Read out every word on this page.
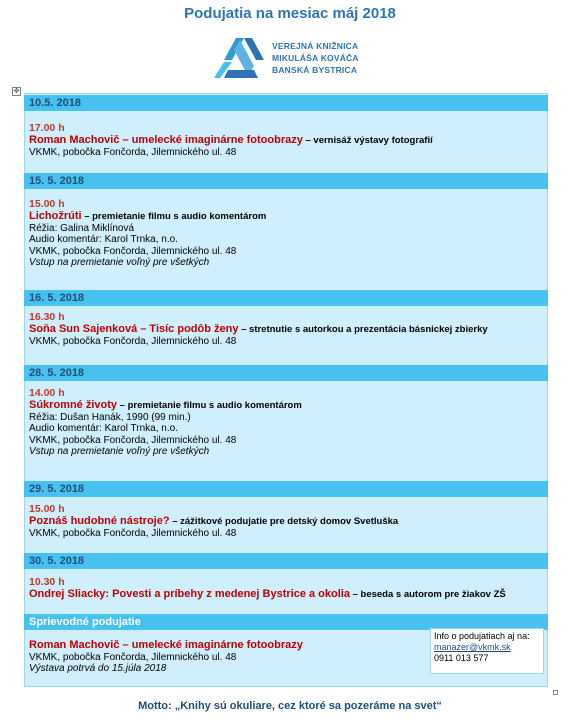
Podujatia na mesiac máj 2018
VEREJNÁ KNIŽNICA
MIKULÁŠA KOVÁČA
BANSKÁ BYSTRICA
✥
10.5. 2018
15. 5. 2018
16. 5. 2018
28. 5. 2018
29. 5. 2018
30. 5. 2018
Sprievodné podujatie
17.00 h
Roman Machovič – umelecké imaginárne fotoobrazy – vernisáž výstavy fotografií
VKMK, pobočka Fončorda, Jilemnického ul. 48
15.00 h
Lichožrúti – premietanie filmu s audio komentárom
Réžia: Galina Miklínová
Audio komentár: Karol Trnka, n.o.
VKMK, pobočka Fončorda, Jilemnického ul. 48
Vstup na premietanie voľný pre všetkých
16.30 h
Soňa Sun Sajenková – Tisíc podôb ženy – stretnutie s autorkou a prezentácia básnickej zbierky
VKMK, pobočka Fončorda, Jilemnického ul. 48
14.00 h
Súkromné životy – premietanie filmu s audio komentárom
Réžia: Dušan Hanák, 1990 (99 min.)
Audio komentár: Karol Trnka, n.o.
VKMK, pobočka Fončorda, Jilemnického ul. 48
Vstup na premietanie voľný pre všetkých
15.00 h
Poznáš hudobné nástroje? – zážitkové podujatie pre detský domov Svetluška
VKMK, pobočka Fončorda, Jilemnického ul. 48
10.30 h
Ondrej Sliacky: Povesti a príbehy z medenej Bystrice a okolia – beseda s autorom pre žiakov ZŠ
Roman Machovič – umelecké imaginárne fotoobrazy
VKMK, pobočka Fončorda, Jilemnického ul. 48
Výstava potrvá do 15.júla 2018
Info o podujatiach aj na:
manazer@vkmk.sk
0911 013 577
Motto: „Knihy sú okuliare, cez ktoré sa pozeráme na svet“
